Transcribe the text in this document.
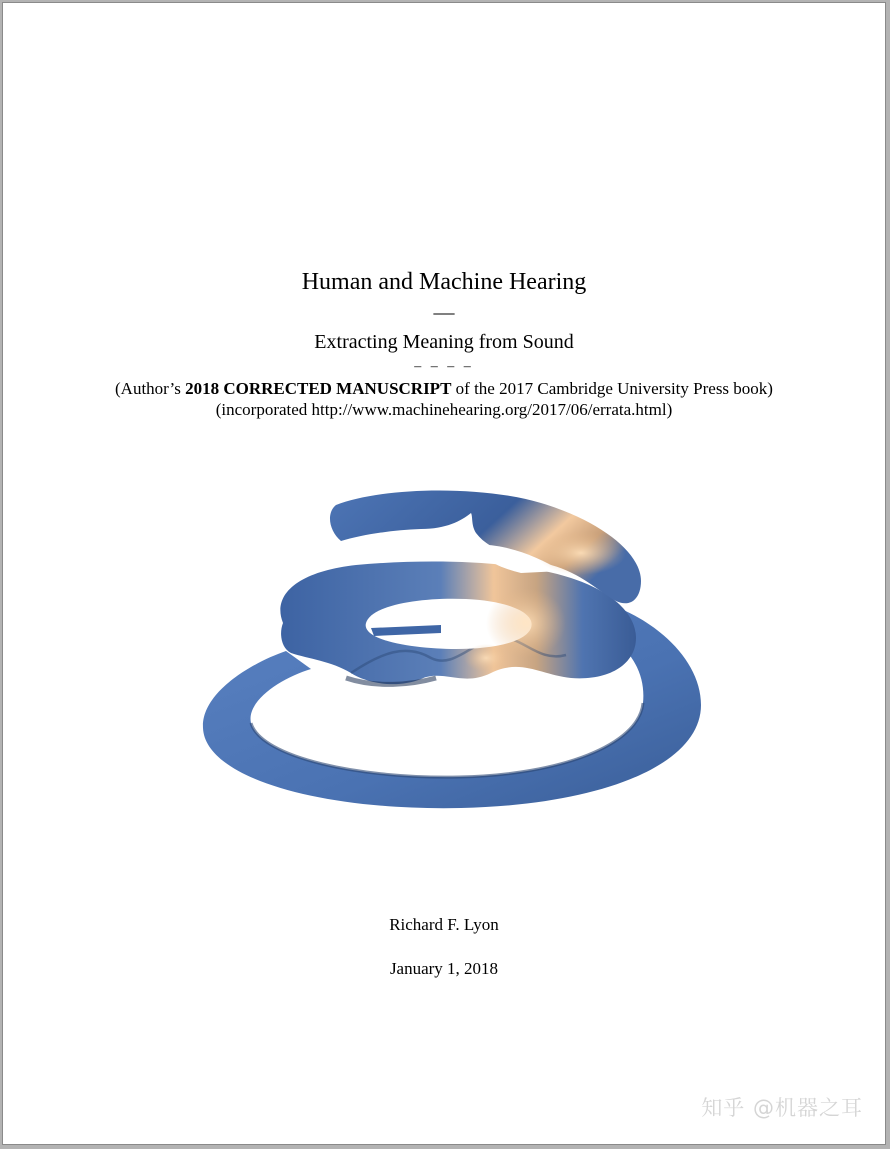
Human and Machine Hearing
—
Extracting Meaning from Sound
– – – –
(Author’s 2018 CORRECTED MANUSCRIPT of the 2017 Cambridge University Press book)
(incorporated http://www.machinehearing.org/2017/06/errata.html)
Richard F. Lyon
January 1, 2018
知乎 @机器之耳
